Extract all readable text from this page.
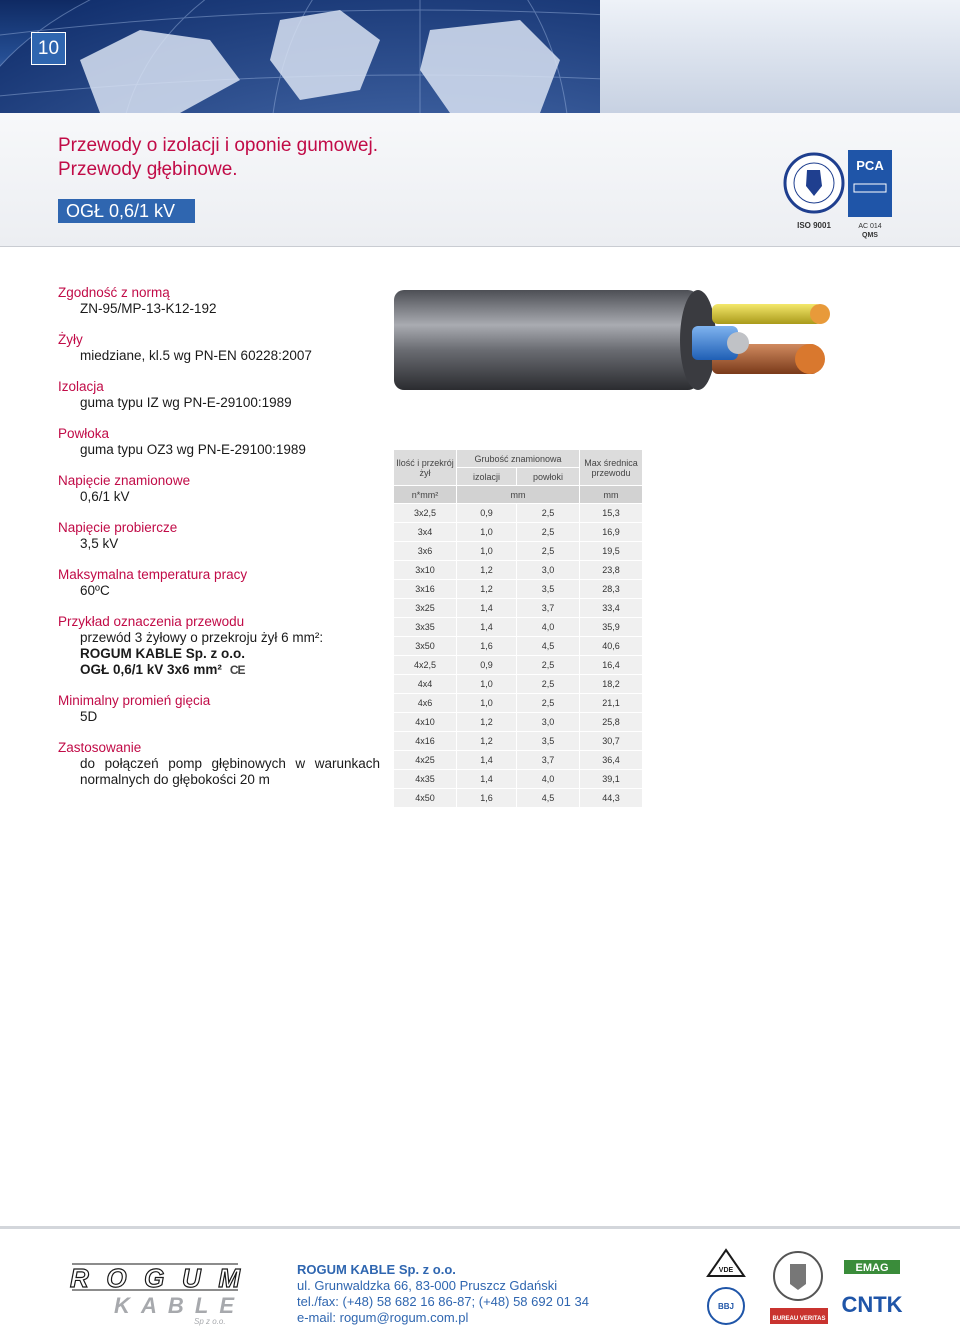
10
Przewody o izolacji i oponie gumowej.
Przewody głębinowe.
OGŁ 0,6/1 kV
ISO 9001
PCA
AC 014
QMS
Zgodność z normą
ZN-95/MP-13-K12-192
Żyły
miedziane, kl.5 wg PN-EN 60228:2007
Izolacja
guma typu IZ wg PN-E-29100:1989
Powłoka
guma typu OZ3 wg PN-E-29100:1989
Napięcie znamionowe
0,6/1 kV
Napięcie probiercze
3,5 kV
Maksymalna temperatura pracy
60ºC
Przykład oznaczenia przewodu
przewód 3 żyłowy o przekroju żył 6 mm²:
ROGUM KABLE Sp. z o.o.
OGŁ 0,6/1 kV 3x6 mm² CE
Minimalny promień gięcia
5D
Zastosowanie
do połączeń pomp głębinowych w warunkach normalnych do głębokości 20 m
Ilość i przekrój żył	Grubość znamionowa		Max średnica przewodu
	izolacji	powłoki	
n*mm²	mm		mm
3x2,5	0,9	2,5	15,3
3x4	1,0	2,5	16,9
3x6	1,0	2,5	19,5
3x10	1,2	3,0	23,8
3x16	1,2	3,5	28,3
3x25	1,4	3,7	33,4
3x35	1,4	4,0	35,9
3x50	1,6	4,5	40,6
4x2,5	0,9	2,5	16,4
4x4	1,0	2,5	18,2
4x6	1,0	2,5	21,1
4x10	1,2	3,0	25,8
4x16	1,2	3,5	30,7
4x25	1,4	3,7	36,4
4x35	1,4	4,0	39,1
4x50	1,6	4,5	44,3
ROGUM
KABLE
Sp z o.o.
ROGUM KABLE Sp. z o.o.
ul. Grunwaldzka 66, 83-000 Pruszcz Gdański
tel./fax: (+48) 58 682 16 86-87; (+48) 58 692 01 34
e-mail: rogum@rogum.com.pl
VDE
BBJ
BUREAU VERITAS
EMAG
CNTK
